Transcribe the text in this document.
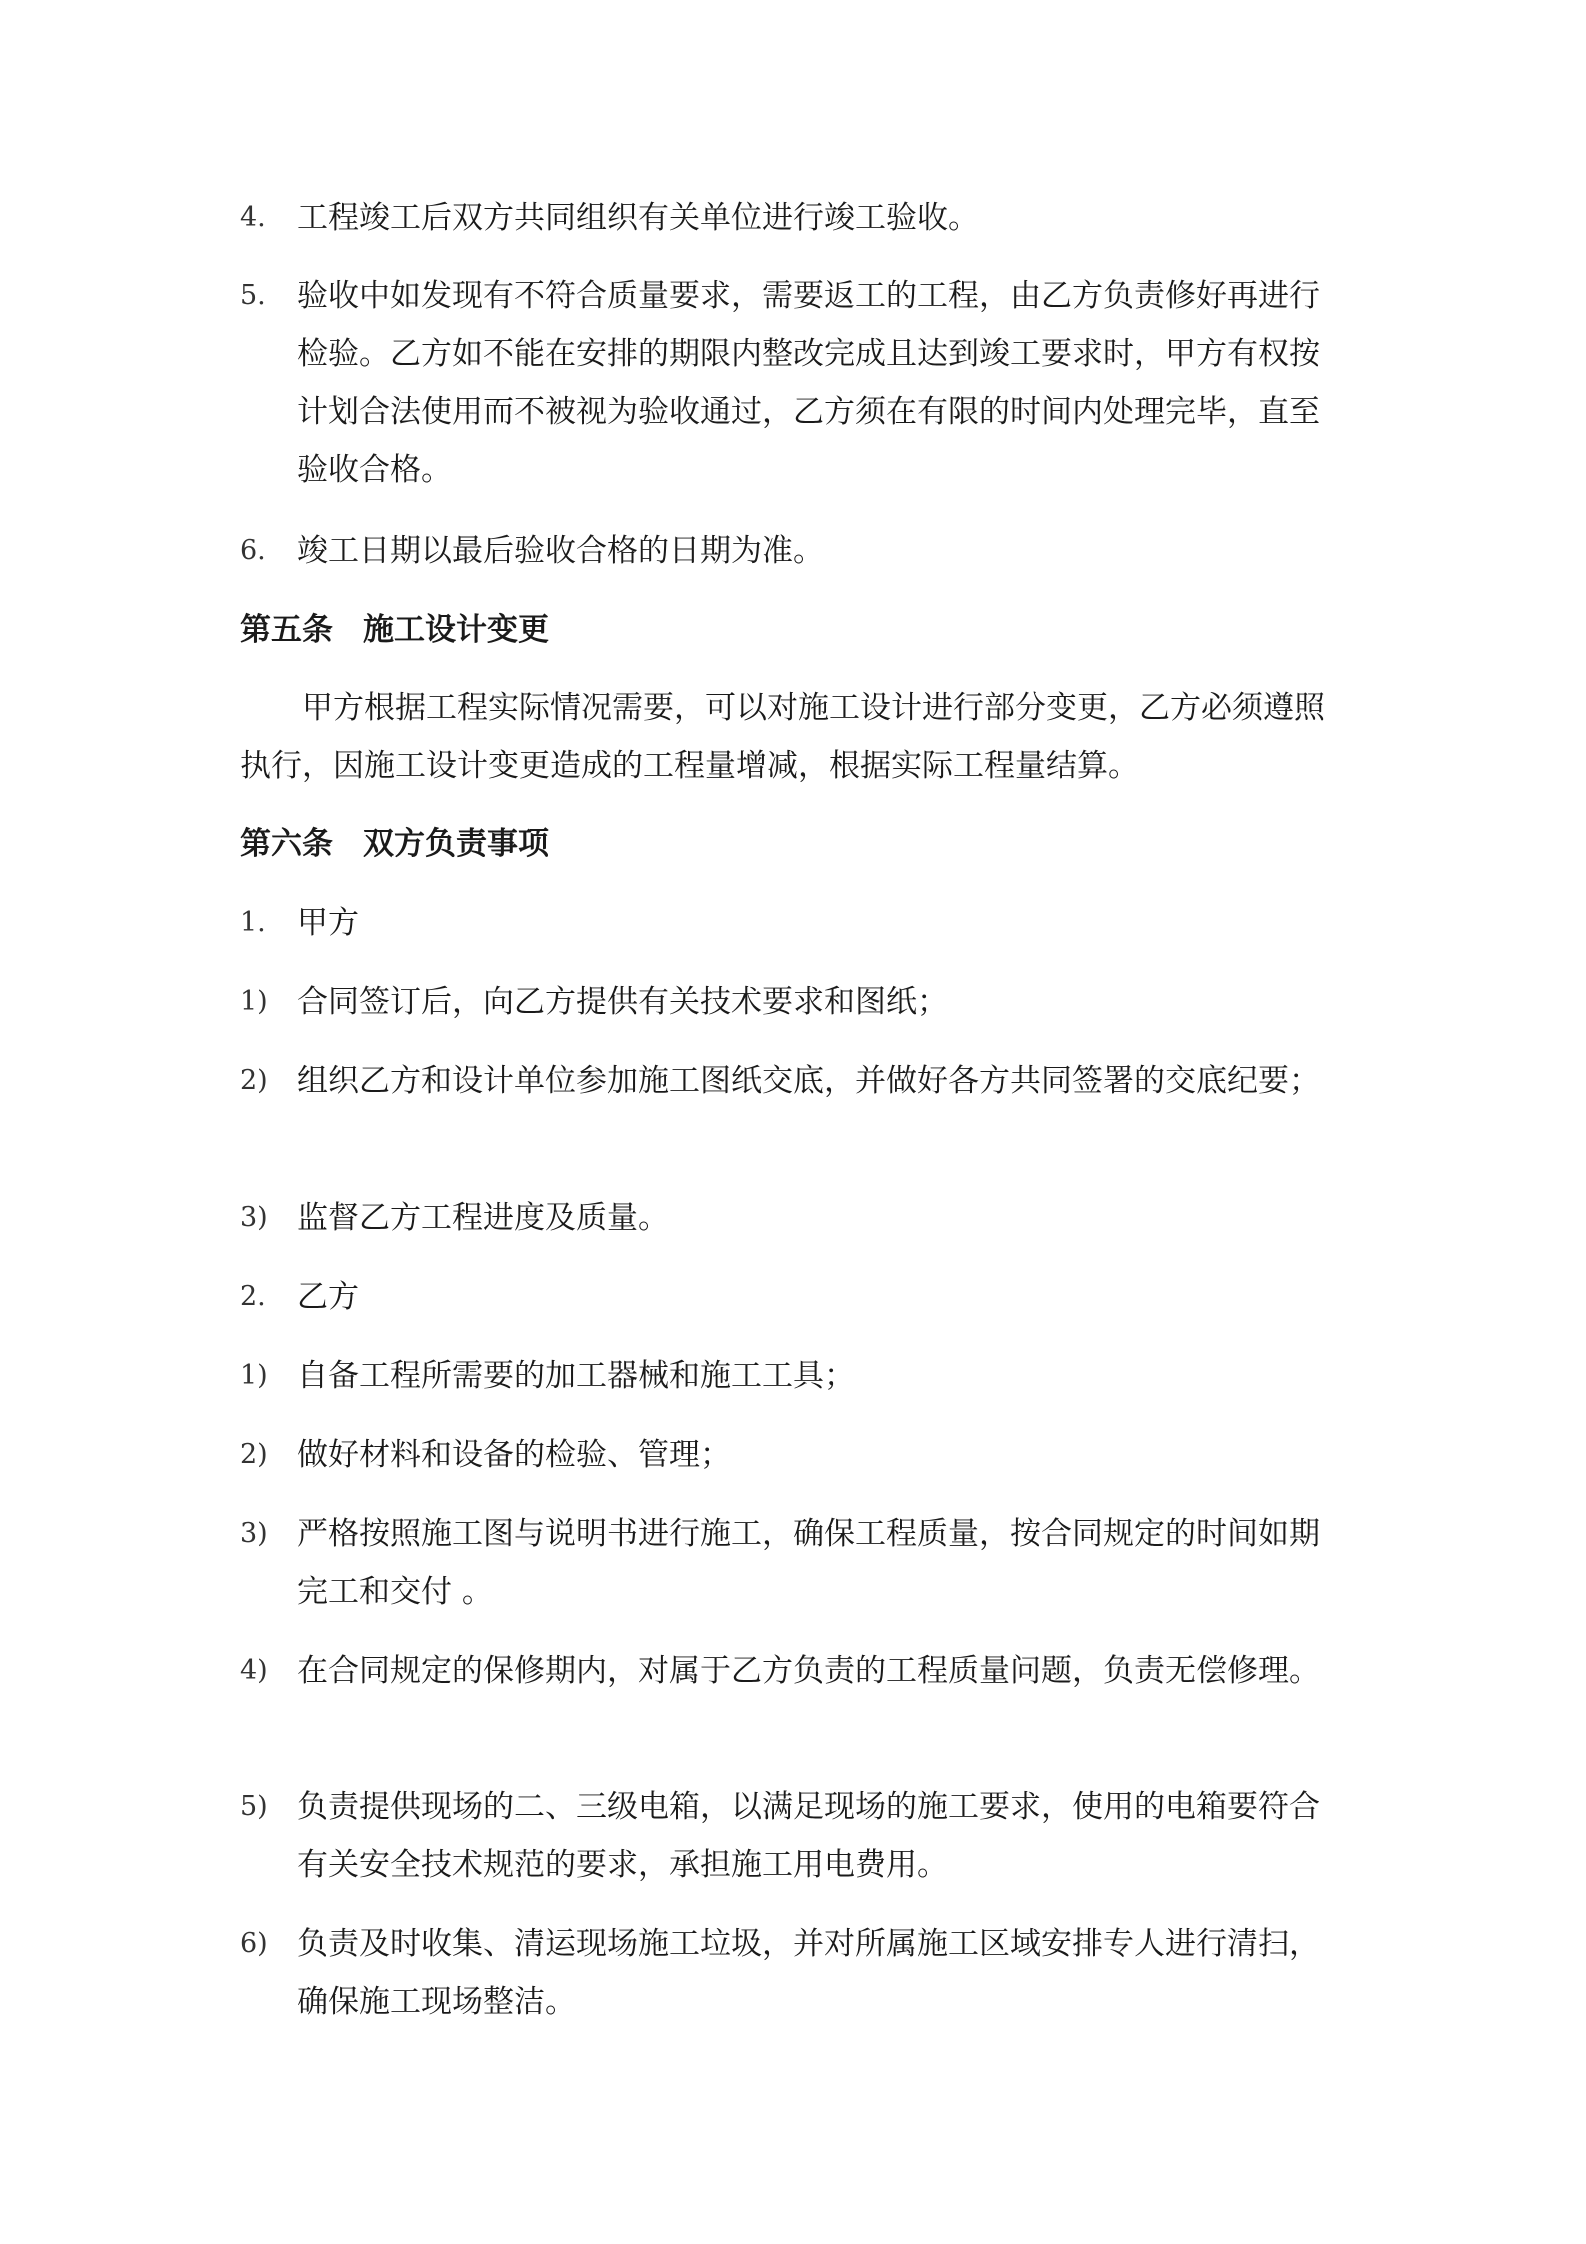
4.	工程竣工后双方共同组织有关单位进行竣工验收。
5.	验收中如发现有不符合质量要求，需要返工的工程，由乙方负责修好再进行检验。乙方如不能在安排的期限内整改完成且达到竣工要求时，甲方有权按计划合法使用而不被视为验收通过，乙方须在有限的时间内处理完毕，直至验收合格。
6.	竣工日期以最后验收合格的日期为准。
第五条 施工设计变更
甲方根据工程实际情况需要，可以对施工设计进行部分变更，乙方必须遵照执行，因施工设计变更造成的工程量增减，根据实际工程量结算。
第六条 双方负责事项
1.	甲方
1) 合同签订后，向乙方提供有关技术要求和图纸；
2) 组织乙方和设计单位参加施工图纸交底，并做好各方共同签署的交底纪要；
3) 监督乙方工程进度及质量。
2.	乙方
1) 自备工程所需要的加工器械和施工工具；
2) 做好材料和设备的检验、管理；
3) 严格按照施工图与说明书进行施工，确保工程质量，按合同规定的时间如期完工和交付 。
4) 在合同规定的保修期内，对属于乙方负责的工程质量问题，负责无偿修理。
5) 负责提供现场的二、三级电箱，以满足现场的施工要求，使用的电箱要符合有关安全技术规范的要求，承担施工用电费用。
6) 负责及时收集、清运现场施工垃圾，并对所属施工区域安排专人进行清扫，确保施工现场整洁。
